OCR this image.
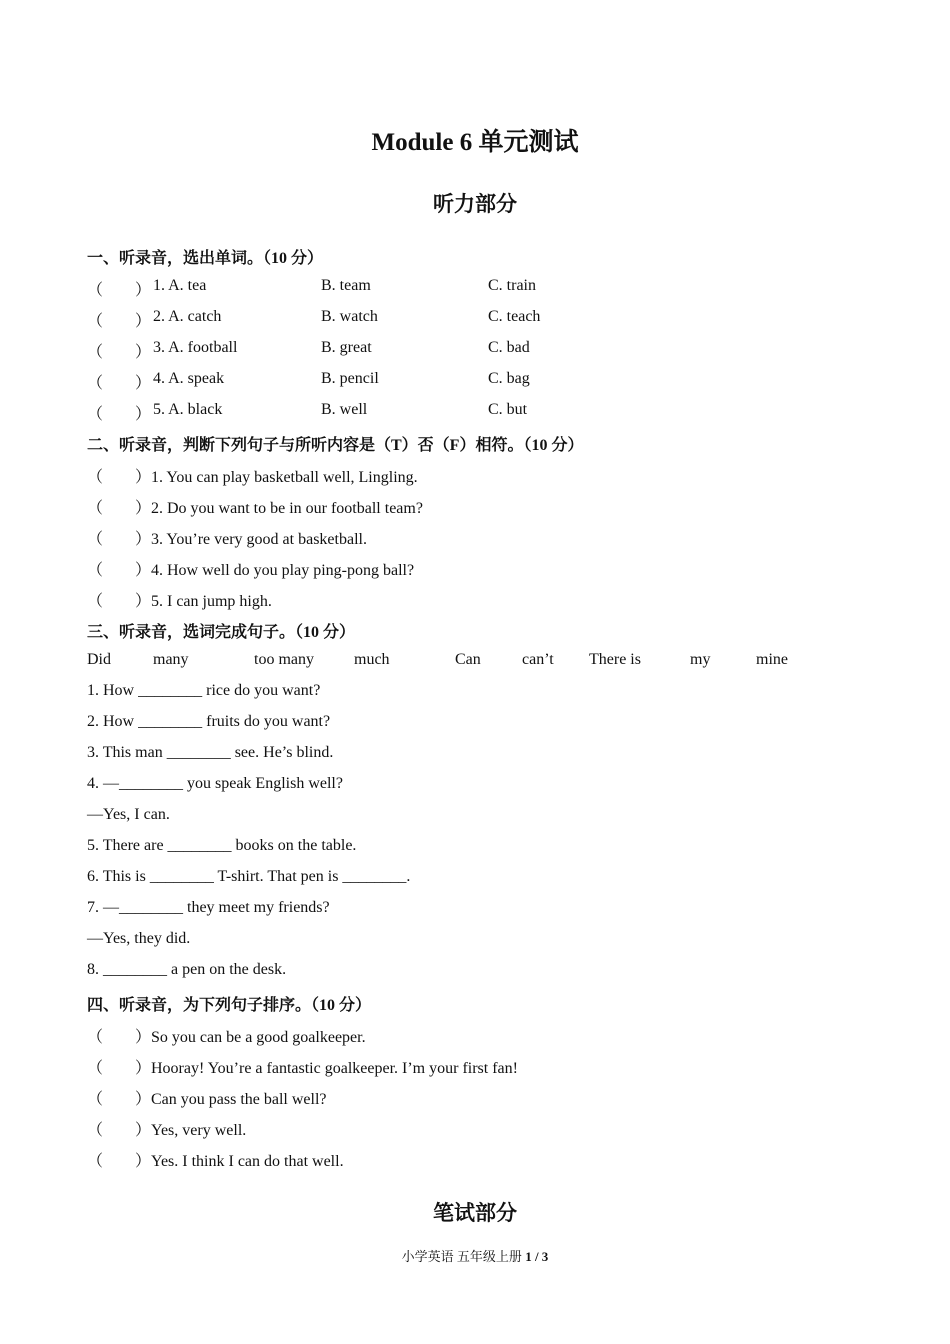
Module 6 单元测试
听力部分
一、听录音，选出单词。（10 分）
（　　） 1. A. tea	B. team	C. train
（　　） 2. A. catch	B. watch	C. teach
（　　） 3. A. football	B. great	C. bad
（　　） 4. A. speak	B. pencil	C. bag
（　　） 5. A. black	B. well	C. but
二、听录音，判断下列句子与所听内容是（T）否（F）相符。（10 分）
（　　）1. You can play basketball well, Lingling.
（　　）2. Do you want to be in our football team?
（　　）3. You’re very good at basketball.
（　　）4. How well do you play ping-pong ball?
（　　）5. I can jump high.
三、听录音，选词完成句子。（10 分）
Did	many	too many	much	Can	can’t There is	my	mine
1. How ________ rice do you want?
2. How ________ fruits do you want?
3. This man ________ see. He’s blind.
4. —________ you speak English well?
—Yes, I can.
5. There are ________ books on the table.
6. This is ________ T-shirt. That pen is ________.
7. —________ they meet my friends?
—Yes, they did.
8. ________ a pen on the desk.
四、听录音，为下列句子排序。（10 分）
（　　）So you can be a good goalkeeper.
（　　）Hooray! You’re a fantastic goalkeeper. I’m your first fan!
（　　）Can you pass the ball well?
（　　）Yes, very well.
（　　）Yes. I think I can do that well.
笔试部分
小学英语 五年级上册 1 / 3
